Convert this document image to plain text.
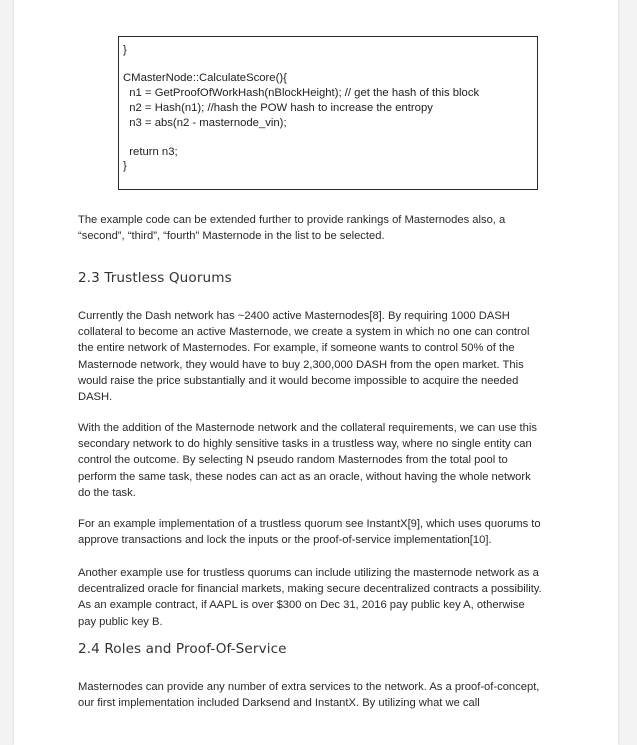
}
CMasterNode::CalculateScore(){
n1 = GetProofOfWorkHash(nBlockHeight); // get the hash of this block
n2 = Hash(n1); //hash the POW hash to increase the entropy
n3 = abs(n2 - masternode_vin);
return n3;
}
The example code can be extended further to provide rankings of Masternodes also, a
“second”, “third”, “fourth” Masternode in the list to be selected.
2.3 Trustless Quorums
Currently the Dash network has ~2400 active Masternodes[8]. By requiring 1000 DASH
collateral to become an active Masternode, we create a system in which no one can control
the entire network of Masternodes. For example, if someone wants to control 50% of the
Masternode network, they would have to buy 2,300,000 DASH from the open market. This
would raise the price substantially and it would become impossible to acquire the needed
DASH.
With the addition of the Masternode network and the collateral requirements, we can use this
secondary network to do highly sensitive tasks in a trustless way, where no single entity can
control the outcome. By selecting N pseudo random Masternodes from the total pool to
perform the same task, these nodes can act as an oracle, without having the whole network
do the task.
For an example implementation of a trustless quorum see InstantX[9], which uses quorums to
approve transactions and lock the inputs or the proof-of-service implementation[10].
Another example use for trustless quorums can include utilizing the masternode network as a
decentralized oracle for financial markets, making secure decentralized contracts a possibility.
As an example contract, if AAPL is over $300 on Dec 31, 2016 pay public key A, otherwise
pay public key B.
2.4 Roles and Proof-Of-Service
Masternodes can provide any number of extra services to the network. As a proof-of-concept,
our first implementation included Darksend and InstantX. By utilizing what we call
